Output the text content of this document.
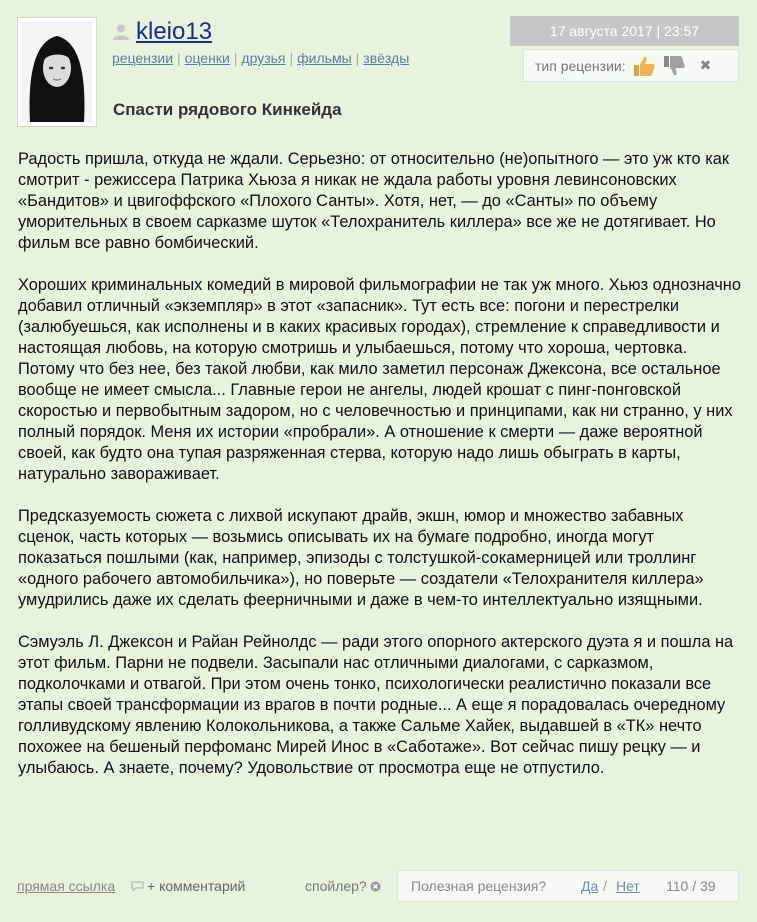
kleio13
рецензии | оценки | друзья | фильмы | звёзды
17 августа 2017 | 23:57
тип рецензии:	✖
Спасти рядового Кинкейда

Радость пришла, откуда не ждали. Серьезно: от относительно (не)опытного — это уж кто как смотрит - режиссера Патрика Хьюза я никак не ждала работы уровня левинсоновских «Бандитов» и цвигоффского «Плохого Санты». Хотя, нет, — до «Санты» по объему уморительных в своем сарказме шуток «Телохранитель киллера» все же не дотягивает. Но фильм все равно бомбический.

Хороших криминальных комедий в мировой фильмографии не так уж много. Хьюз однозначно добавил отличный «экземпляр» в этот «запасник». Тут есть все: погони и перестрелки (залюбуешься, как исполнены и в каких красивых городах), стремление к справедливости и настоящая любовь, на которую смотришь и улыбаешься, потому что хороша, чертовка. Потому что без нее, без такой любви, как мило заметил персонаж Джексона, все остальное вообще не имеет смысла... Главные герои не ангелы, людей крошат с пинг-понговской скоростью и первобытным задором, но с человечностью и принципами, как ни странно, у них полный порядок. Меня их истории «пробрали». А отношение к смерти — даже вероятной своей, как будто она тупая разряженная стерва, которую надо лишь обыграть в карты, натурально завораживает.

Предсказуемость сюжета с лихвой искупают драйв, экшн, юмор и множество забавных сценок, часть которых — возьмись описывать их на бумаге подробно, иногда могут показаться пошлыми (как, например, эпизоды с толстушкой-сокамерницей или троллинг «одного рабочего автомобильчика»), но поверьте — создатели «Телохранителя киллера» умудрились даже их сделать феерничными и даже в чем-то интеллектуально изящными.

Сэмуэль Л. Джексон и Райан Рейнолдс — ради этого опорного актерского дуэта я и пошла на этот фильм. Парни не подвели. Засыпали нас отличными диалогами, с сарказмом, подколочками и отвагой. При этом очень тонко, психологически реалистично показали все этапы своей трансформации из врагов в почти родные... А еще я порадовалась очередному голливудскому явлению Колокольникова, а также Сальме Хайек, выдавшей в «ТК» нечто похожее на бешеный перфоманс Мирей Инос в «Саботаже». Вот сейчас пишу рецку — и улыбаюсь. А знаете, почему? Удовольствие от просмотра еще не отпустило.

прямая ссылка + комментарий	спойлер?	Полезная рецензия? Да / Нет 110 / 39
